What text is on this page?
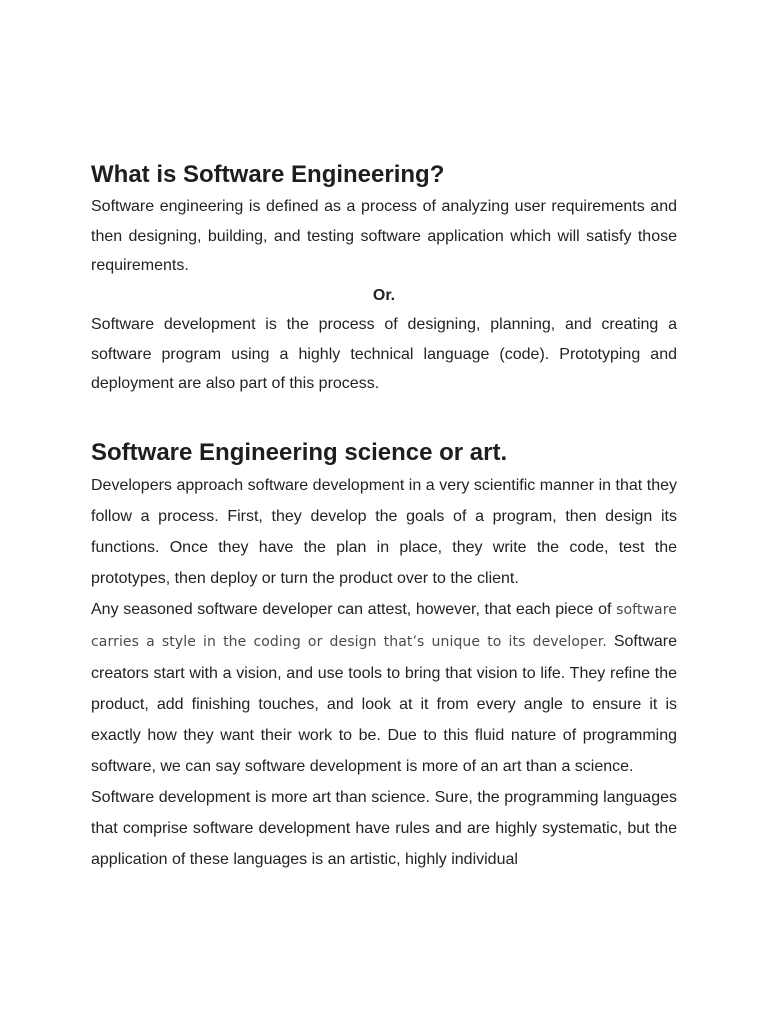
What is Software Engineering?

Software engineering is defined as a process of analyzing user requirements and then designing, building, and testing software application which will satisfy those requirements.

Or.

Software development is the process of designing, planning, and creating a software program using a highly technical language (code). Prototyping and deployment are also part of this process.

Software Engineering science or art.

Developers approach software development in a very scientific manner in that they follow a process. First, they develop the goals of a program, then design its functions. Once they have the plan in place, they write the code, test the prototypes, then deploy or turn the product over to the client.

Any seasoned software developer can attest, however, that each piece of software carries a style in the coding or design that’s unique to its developer. Software creators start with a vision, and use tools to bring that vision to life. They refine the product, add finishing touches, and look at it from every angle to ensure it is exactly how they want their work to be. Due to this fluid nature of programming software, we can say software development is more of an art than a science.

Software development is more art than science. Sure, the programming languages that comprise software development have rules and are highly systematic, but the application of these languages is an artistic, highly individual
